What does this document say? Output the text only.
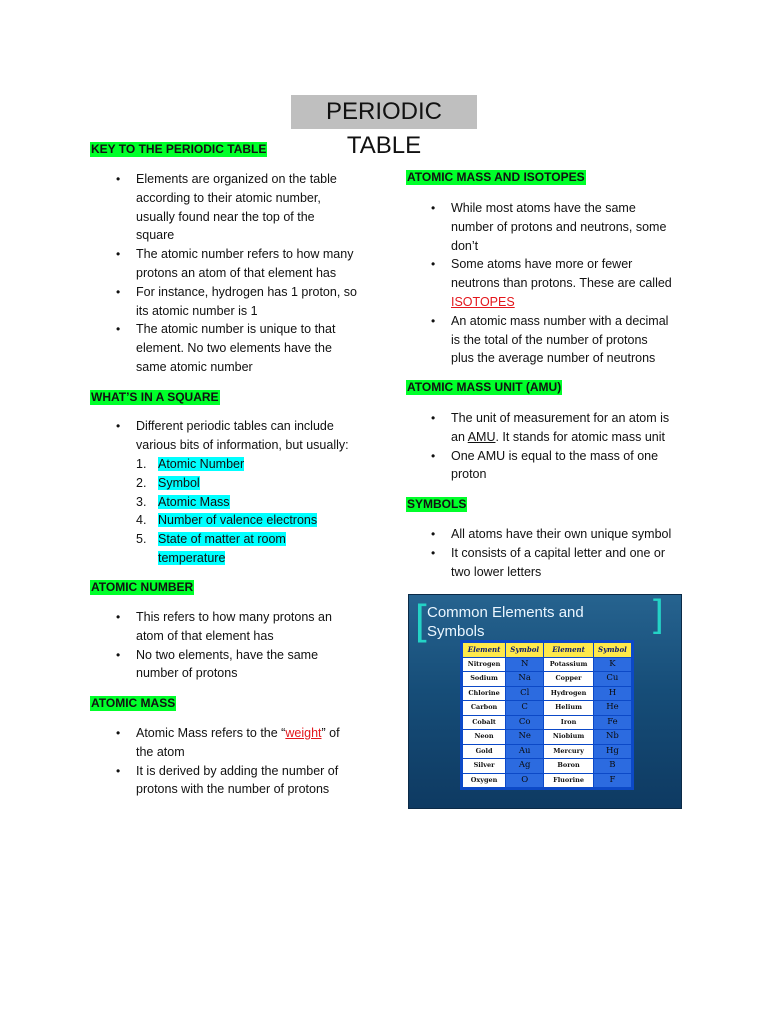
PERIODIC TABLE
KEY TO THE PERIODIC TABLE
• Elements are organized on the table
according to their atomic number,
usually found near the top of the
square
• The atomic number refers to how many
protons an atom of that element has
• For instance, hydrogen has 1 proton, so
its atomic number is 1
• The atomic number is unique to that
element. No two elements have the
same atomic number
WHAT’S IN A SQUARE
• Different periodic tables can include
various bits of information, but usually:
1. Atomic Number
2. Symbol
3. Atomic Mass
4. Number of valence electrons
5. State of matter at room
temperature
ATOMIC NUMBER
• This refers to how many protons an
atom of that element has
• No two elements, have the same
number of protons
ATOMIC MASS
• Atomic Mass refers to the “weight” of
the atom
• It is derived by adding the number of
protons with the number of protons
ATOMIC MASS AND ISOTOPES
• While most atoms have the same
number of protons and neutrons, some
don’t
• Some atoms have more or fewer
neutrons than protons. These are called
ISOTOPES
• An atomic mass number with a decimal
is the total of the number of protons
plus the average number of neutrons
ATOMIC MASS UNIT (AMU)
• The unit of measurement for an atom is
an AMU. It stands for atomic mass unit
• One AMU is equal to the mass of one
proton
SYMBOLS
• All atoms have their own unique symbol
• It consists of a capital letter and one or
two lower letters
[	]
Common Elements and
Symbols
Element	Symbol	Element	Symbol
Nitrogen	N	Potassium	K
Sodium	Na	Copper	Cu
Chlorine	Cl	Hydrogen	H
Carbon	C	Helium	He
Cobalt	Co	Iron	Fe
Neon	Ne	Niobium	Nb
Gold	Au	Mercury	Hg
Silver	Ag	Boron	B
Oxygen	O	Fluorine	F
